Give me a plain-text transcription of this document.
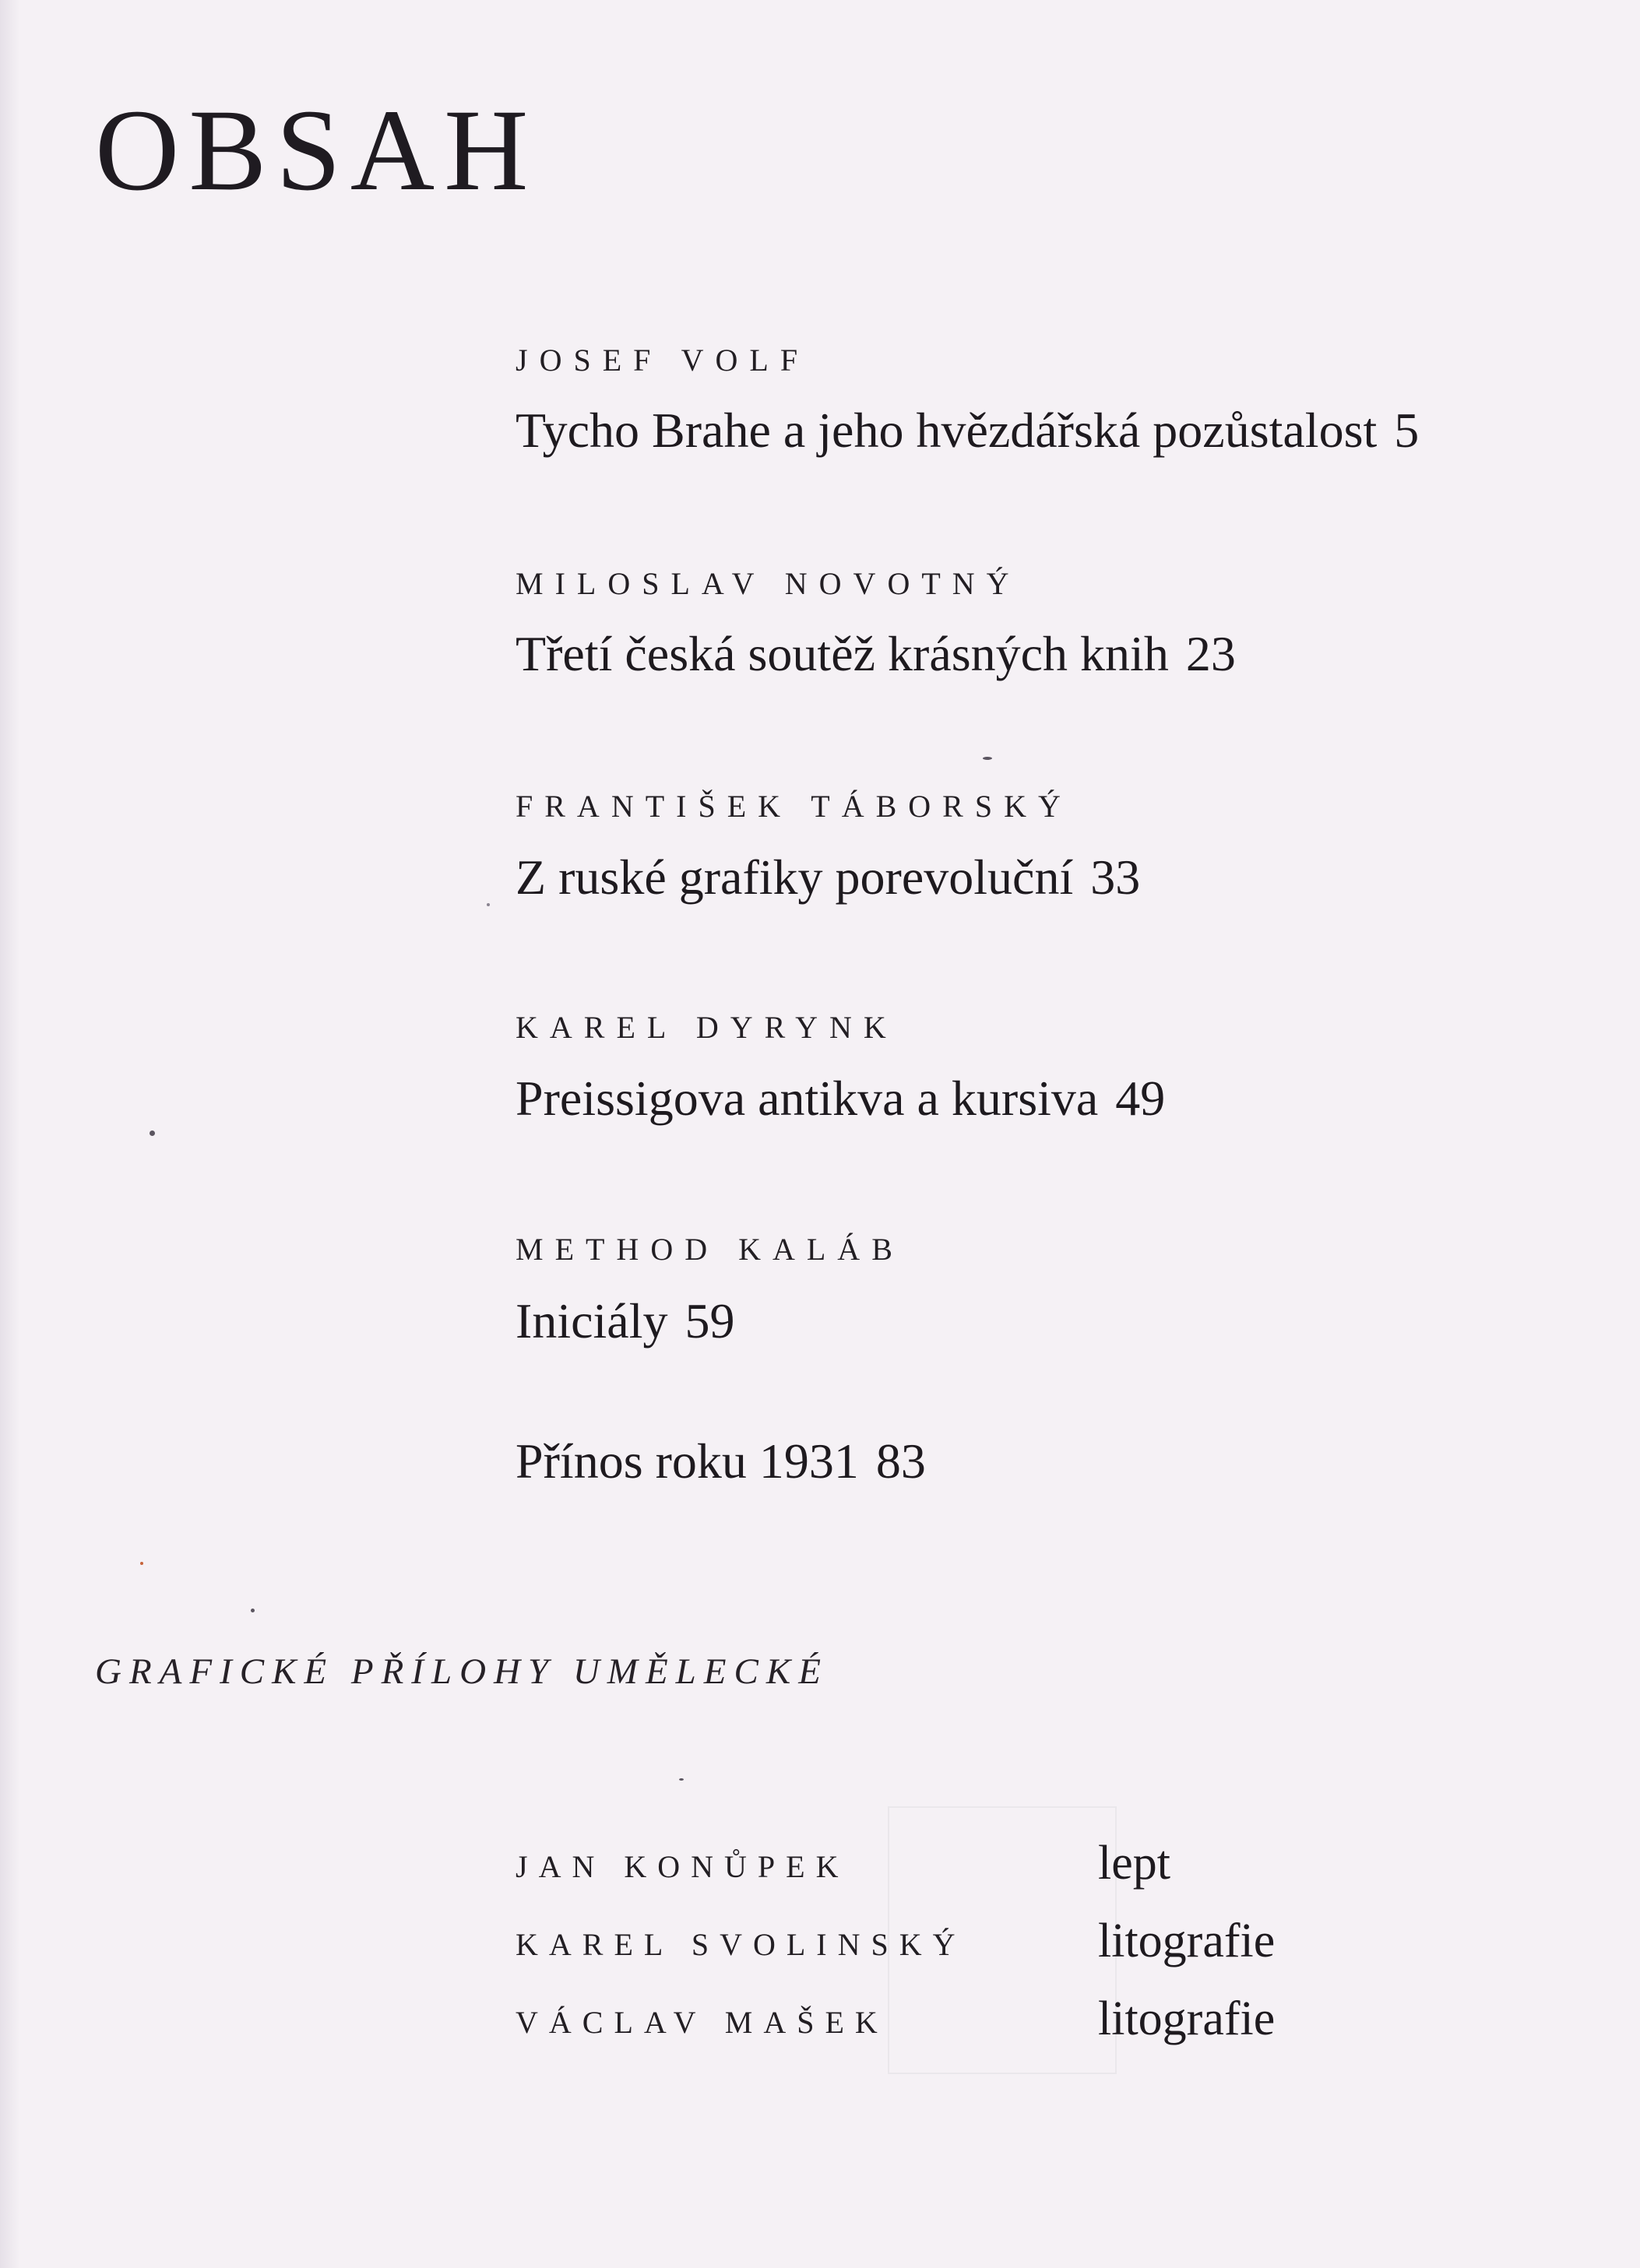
OBSAH

JOSEF VOLF

Tycho Brahe a jeho hvězdářská pozůstalost 5

MILOSLAV NOVOTNÝ

Třetí česká soutěž krásných knih 23

FRANTIŠEK TÁBORSKÝ

Z ruské grafiky porevoluční 33

KAREL DYRYNK

Preissigova antikva a kursiva 49

METHOD KALÁB

Iniciály 59

Přínos roku 1931 83

GRAFICKÉ PŘÍLOHY UMĚLECKÉ

JAN KONŮPEK	lept

KAREL SVOLINSKÝ	litografie

VÁCLAV MAŠEK	litografie
